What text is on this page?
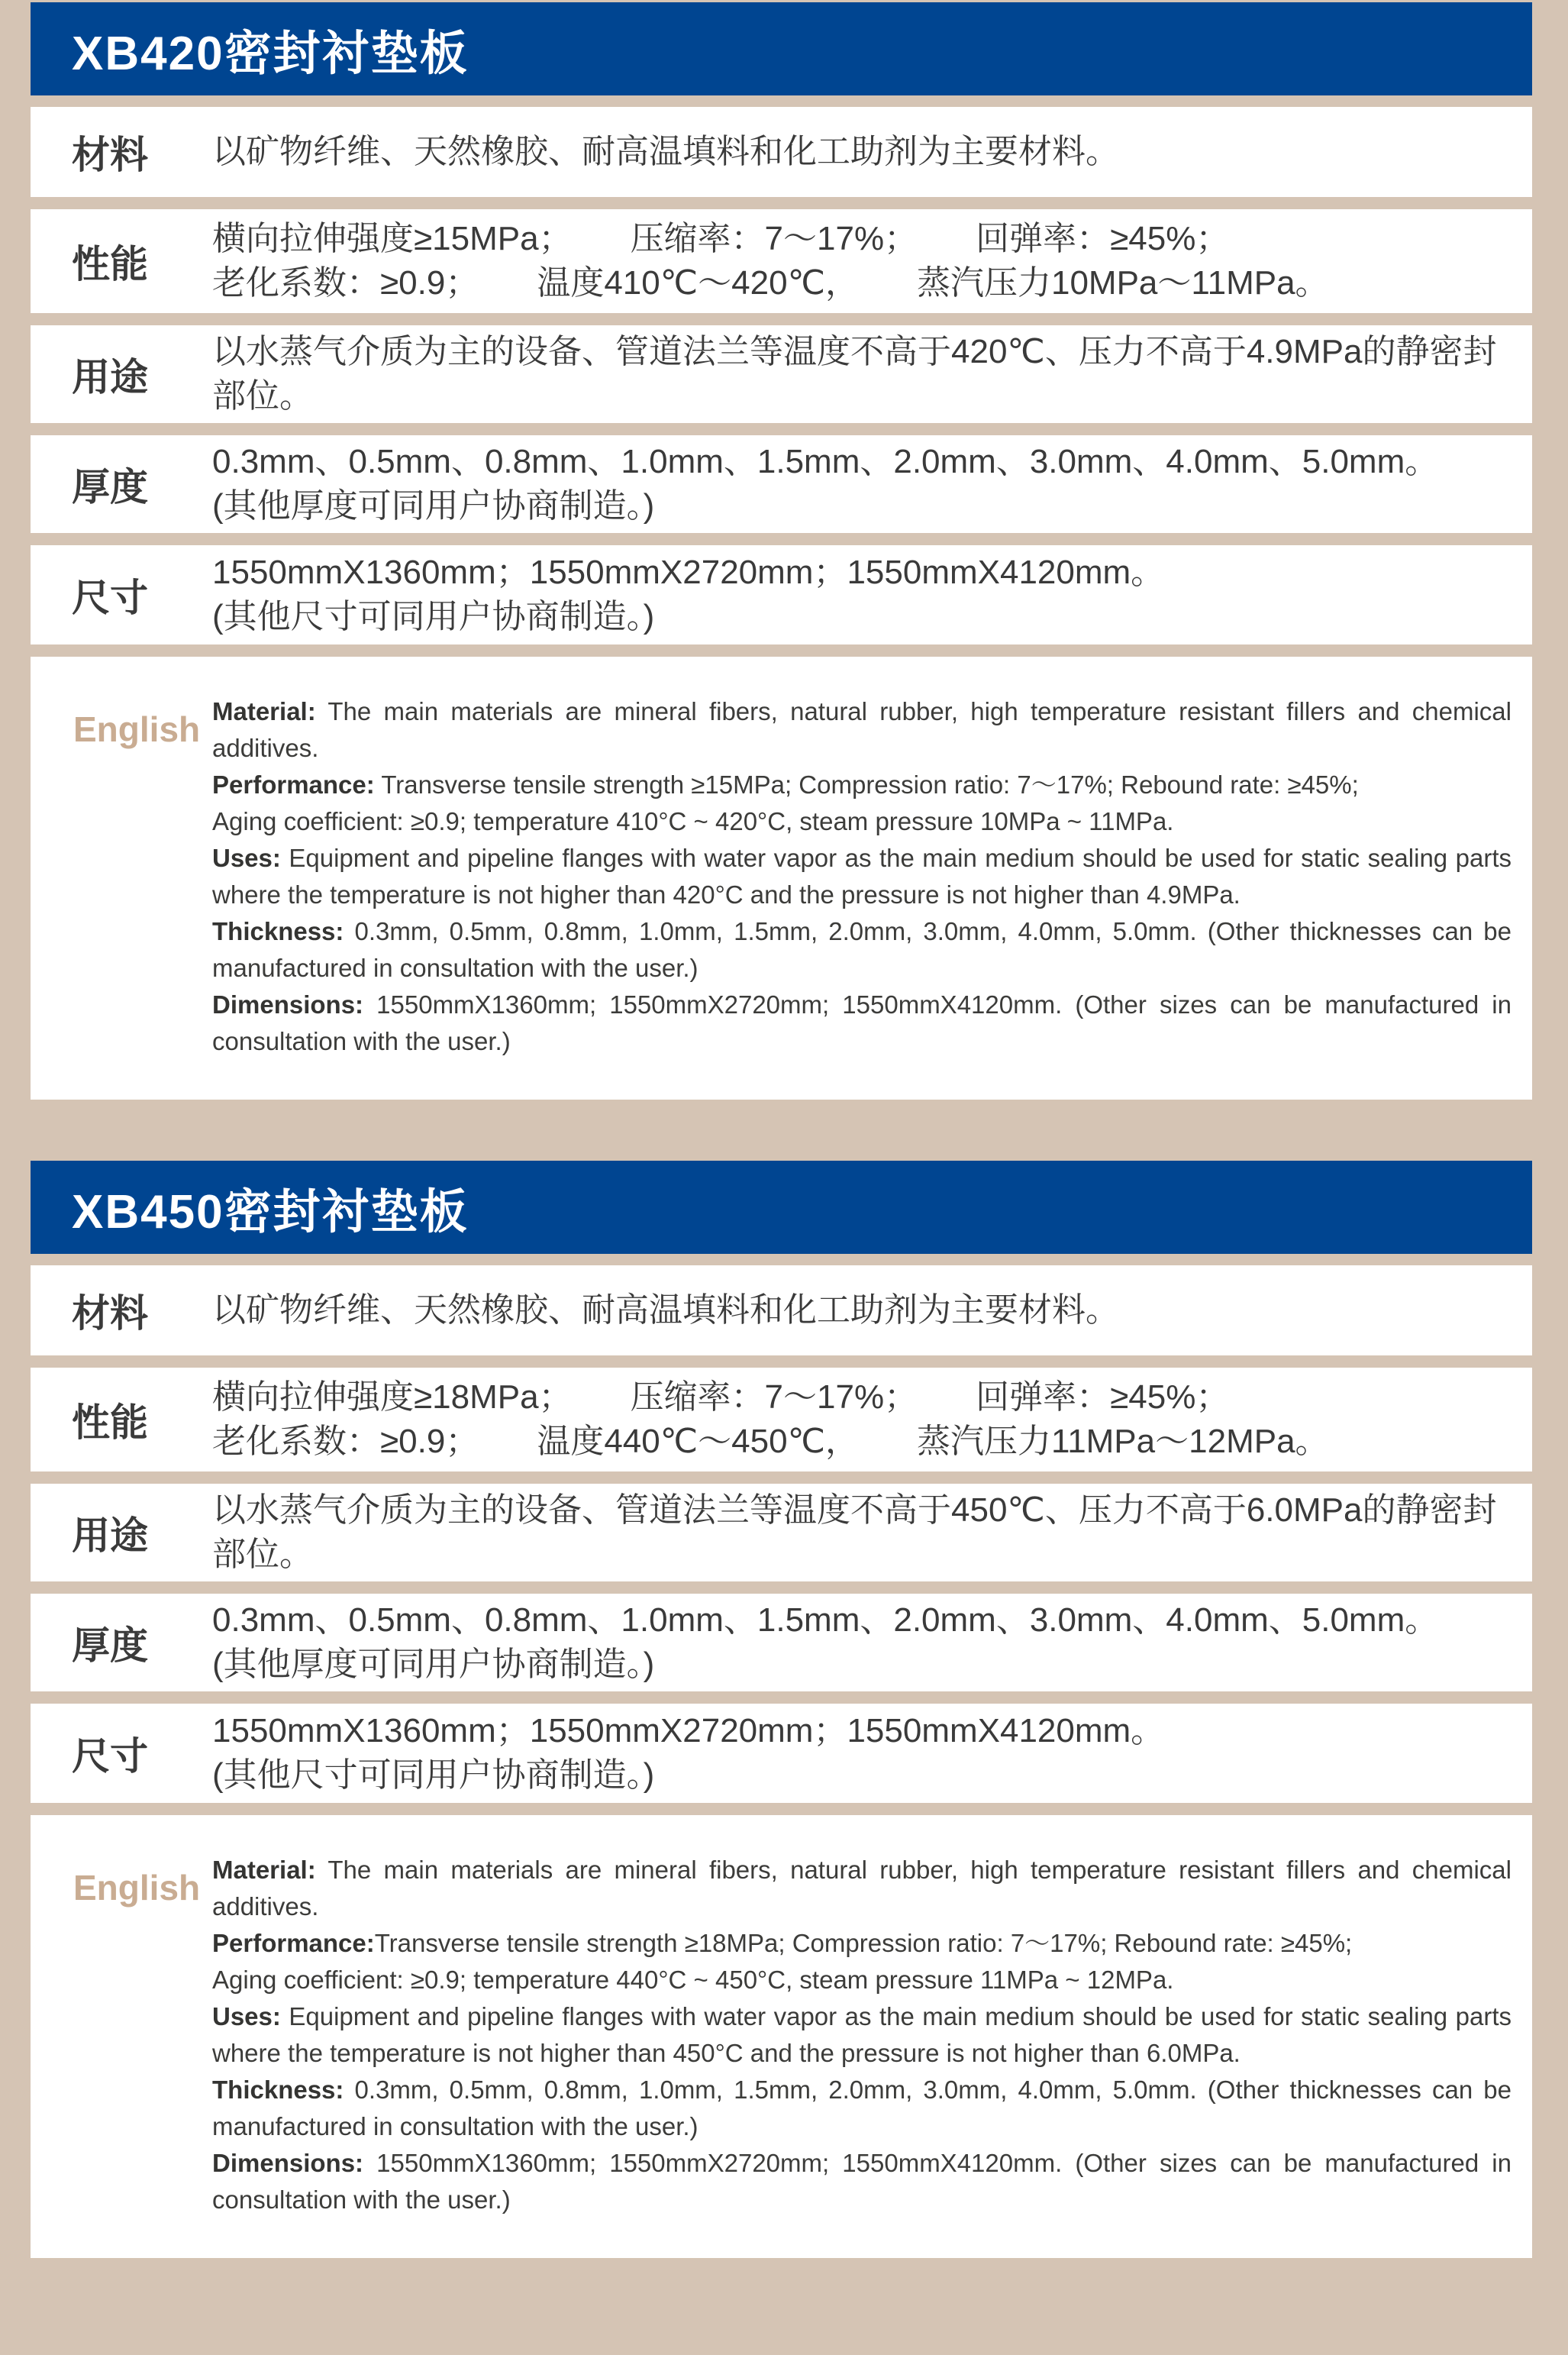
XB420密封衬垫板
材料	以矿物纤维、天然橡胶、耐高温填料和化工助剂为主要材料。

性能
横向拉伸强度≥15MPa； 压缩率：7～17%； 回弹率：≥45%；
老化系数：≥0.9； 温度410℃～420℃， 蒸汽压力10MPa～11MPa。
用途

以水蒸气介质为主的设备、管道法兰等温度不高于420℃、压力不高于4.9MPa的静密封部位。

厚度

0.3mm、0.5mm、0.8mm、1.0mm、1.5mm、2.0mm、3.0mm、4.0mm、5.0mm。

(其他厚度可同用户协商制造。)

尺寸

1550mmX1360mm；1550mmX2720mm；1550mmX4120mm。

(其他尺寸可同用户协商制造。)

English Material: The main materials are mineral fibers, natural rubber, high temperature resistant fillers and chemical additives.

Performance: Transverse tensile strength ≥15MPa; Compression ratio: 7～17%; Rebound rate: ≥45%;
Aging coefficient: ≥0.9; temperature 410°C ~ 420°C, steam pressure 10MPa ~ 11MPa.

Uses: Equipment and pipeline flanges with water vapor as the main medium should be used for static sealing parts where the temperature is not higher than 420°C and the pressure is not higher than 4.9MPa.

Thickness: 0.3mm, 0.5mm, 0.8mm, 1.0mm, 1.5mm, 2.0mm, 3.0mm, 4.0mm, 5.0mm. (Other thicknesses can be manufactured in consultation with the user.)

Dimensions: 1550mmX1360mm; 1550mmX2720mm; 1550mmX4120mm. (Other sizes can be manufactured in consultation with the user.)

XB450密封衬垫板
材料	以矿物纤维、天然橡胶、耐高温填料和化工助剂为主要材料。

性能
横向拉伸强度≥18MPa； 压缩率：7～17%； 回弹率：≥45%；
老化系数：≥0.9； 温度440℃～450℃， 蒸汽压力11MPa～12MPa。
用途

以水蒸气介质为主的设备、管道法兰等温度不高于450℃、压力不高于6.0MPa的静密封部位。

厚度

0.3mm、0.5mm、0.8mm、1.0mm、1.5mm、2.0mm、3.0mm、4.0mm、5.0mm。

(其他厚度可同用户协商制造。)

尺寸

1550mmX1360mm；1550mmX2720mm；1550mmX4120mm。

(其他尺寸可同用户协商制造。)

English Material: The main materials are mineral fibers, natural rubber, high temperature resistant fillers and chemical additives.

Performance:Transverse tensile strength ≥18MPa; Compression ratio: 7～17%; Rebound rate: ≥45%;
Aging coefficient: ≥0.9; temperature 440°C ~ 450°C, steam pressure 11MPa ~ 12MPa.

Uses: Equipment and pipeline flanges with water vapor as the main medium should be used for static sealing parts where the temperature is not higher than 450°C and the pressure is not higher than 6.0MPa.

Thickness: 0.3mm, 0.5mm, 0.8mm, 1.0mm, 1.5mm, 2.0mm, 3.0mm, 4.0mm, 5.0mm. (Other thicknesses can be manufactured in consultation with the user.)

Dimensions: 1550mmX1360mm; 1550mmX2720mm; 1550mmX4120mm. (Other sizes can be manufactured in consultation with the user.)
